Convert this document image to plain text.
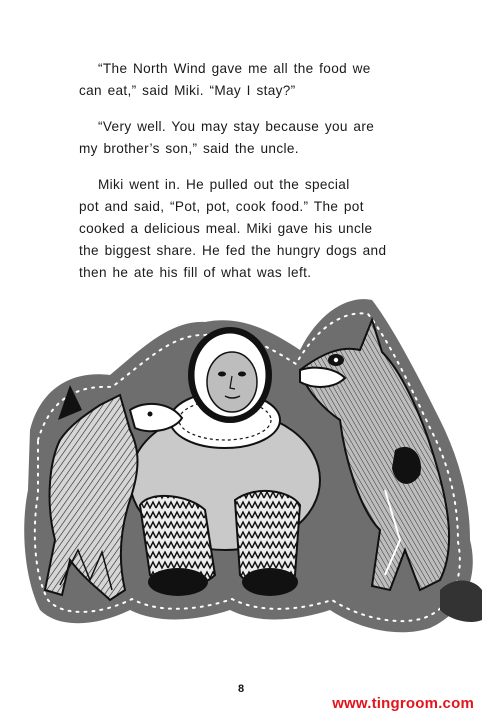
“The North Wind gave me all the food we
can eat,” said Miki. “May I stay?”

“Very well. You may stay because you are
my brother’s son,” said the uncle.

Miki went in. He pulled out the special
pot and said, “Pot, pot, cook food.” The pot
cooked a delicious meal. Miki gave his uncle
the biggest share. He fed the hungry dogs and
then he ate his fill of what was left.

8
www.tingroom.com
